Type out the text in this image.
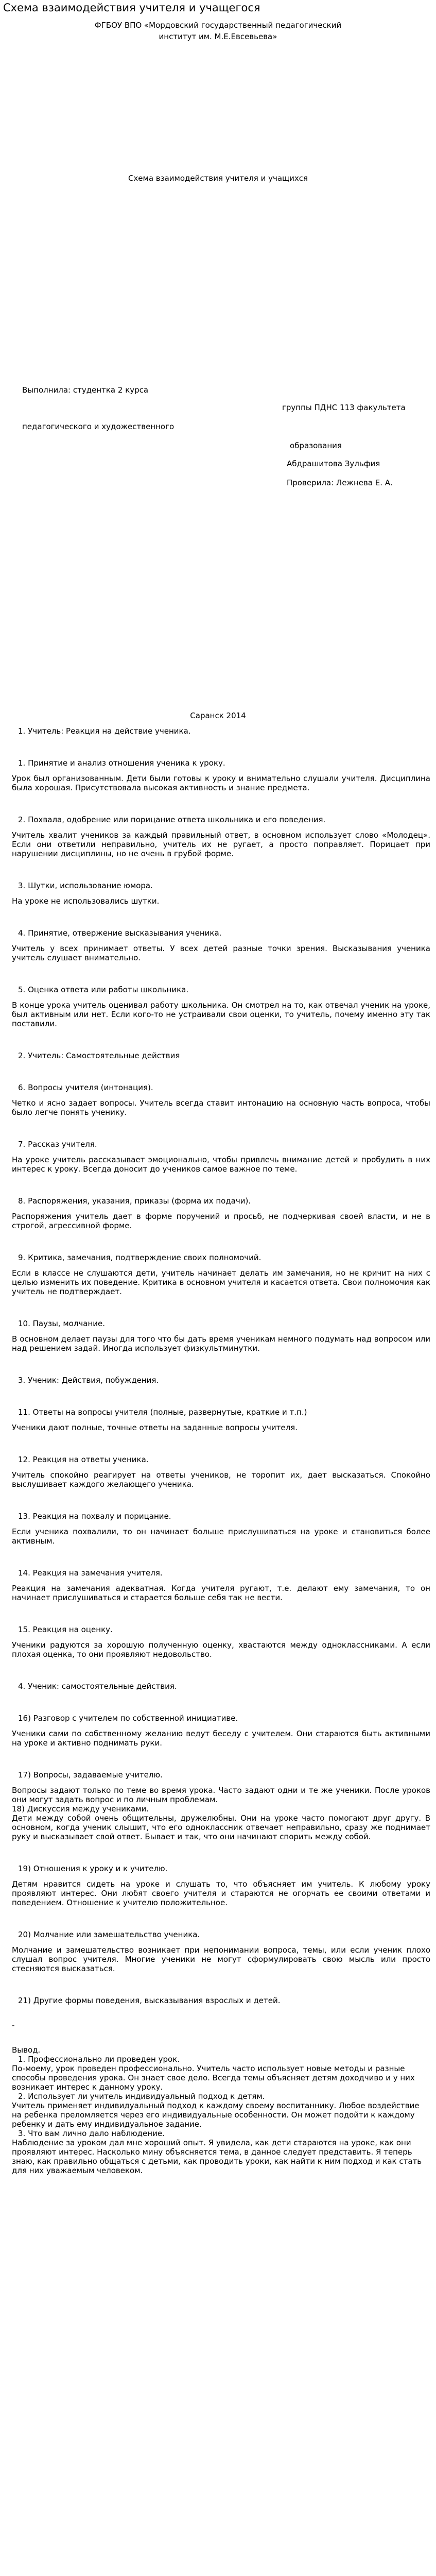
Схема взаимодействия учителя и учащегося
ФГБОУ ВПО «Мордовский государственный педагогический
институт им. М.Е.Евсевьева»
Схема взаимодействия учителя и учащихся
Выполнила: студентка 2 курса
группы ПДНС 113 факультета
педагогического и художественного
образования
Абдрашитова Зульфия
Проверила: Лежнева Е. А.
Саранск 2014

1. Учитель: Реакция на действие ученика.

1. Принятие и анализ отношения ученика к уроку.

Урок был организованным. Дети были готовы к уроку и внимательно слушали учителя. Дисциплина была хорошая. Присутствовала высокая активность и знание предмета.

2. Похвала, одобрение или порицание ответа школьника и его поведения.

Учитель хвалит учеников за каждый правильный ответ, в основном использует слово «Молодец». Если они ответили неправильно, учитель их не ругает, а просто поправляет. Порицает при нарушении дисциплины, но не очень в грубой форме.

3. Шутки, использование юмора.

На уроке не использовались шутки.

4. Принятие, отвержение высказывания ученика.

Учитель у всех принимает ответы. У всех детей разные точки зрения. Высказывания ученика учитель слушает внимательно.

5. Оценка ответа или работы школьника.

В конце урока учитель оценивал работу школьника. Он смотрел на то, как отвечал ученик на уроке, был активным или нет. Если кого-то не устраивали свои оценки, то учитель, почему именно эту так поставили.

2. Учитель: Самостоятельные действия

6. Вопросы учителя (интонация).

Четко и ясно задает вопросы. Учитель всегда ставит интонацию на основную часть вопроса, чтобы было легче понять ученику.

7. Рассказ учителя.

На уроке учитель рассказывает эмоционально, чтобы привлечь внимание детей и пробудить в них интерес к уроку. Всегда доносит до учеников самое важное по теме.

8. Распоряжения, указания, приказы (форма их подачи).

Распоряжения учитель дает в форме поручений и просьб, не подчеркивая своей власти, и не в строгой, агрессивной форме.

9. Критика, замечания, подтверждение своих полномочий.

Если в классе не слушаются дети, учитель начинает делать им замечания, но не кричит на них с целью изменить их поведение. Критика в основном учителя и касается ответа. Свои полномочия как учитель не подтверждает.

10. Паузы, молчание.

В основном делает паузы для того что бы дать время ученикам немного подумать над вопросом или над решением задай. Иногда использует физкультминутки.

3. Ученик: Действия, побуждения.

11. Ответы на вопросы учителя (полные, развернутые, краткие и т.п.)

Ученики дают полные, точные ответы на заданные вопросы учителя.

12. Реакция на ответы ученика.

Учитель спокойно реагирует на ответы учеников, не торопит их, дает высказаться. Спокойно выслушивает каждого желающего ученика.

13. Реакция на похвалу и порицание.

Если ученика похвалили, то он начинает больше прислушиваться на уроке и становиться более активным.

14. Реакция на замечания учителя.

Реакция на замечания адекватная. Когда учителя ругают, т.е. делают ему замечания, то он начинает прислушиваться и старается больше себя так не вести.

15. Реакция на оценку.

Ученики радуются за хорошую полученную оценку, хвастаются между одноклассниками. А если плохая оценка, то они проявляют недовольство.

4. Ученик: самостоятельные действия.

16) Разговор с учителем по собственной инициативе.

Ученики сами по собственному желанию ведут беседу с учителем. Они стараются быть активными на уроке и активно поднимать руки.

17) Вопросы, задаваемые учителю.

Вопросы задают только по теме во время урока. Часто задают одни и те же ученики. После уроков они могут задать вопрос и по личным проблемам.

18) Дискуссия между учениками.

Дети между собой очень общительны, дружелюбны. Они на уроке часто помогают друг другу. В основном, когда ученик слышит, что его одноклассник отвечает неправильно, сразу же поднимает руку и высказывает свой ответ. Бывает и так, что они начинают спорить между собой.

19) Отношения к уроку и к учителю.

Детям нравится сидеть на уроке и слушать то, что объясняет им учитель. К любому уроку проявляют интерес. Они любят своего учителя и стараются не огорчать ее своими ответами и поведением. Отношение к учителю положительное.

20) Молчание или замешательство ученика.

Молчание и замешательство возникает при непонимании вопроса, темы, или если ученик плохо слушал вопрос учителя. Многие ученики не могут сформулировать свою мысль или просто стесняются высказаться.

21) Другие формы поведения, высказывания взрослых и детей.

-

Вывод.

1. Профессионально ли проведен урок.

По-моему, урок проведен профессионально. Учитель часто использует новые методы и разные способы проведения урока. Он знает свое дело. Всегда темы объясняет детям доходчиво и у них возникает интерес к данному уроку.

2. Использует ли учитель индивидуальный подход к детям.

Учитель применяет индивидуальный подход к каждому своему воспитаннику. Любое воздействие на ребенка преломляется через его индивидуальные особенности. Он может подойти к каждому ребенку и дать ему индивидуальное задание.

3. Что вам лично дало наблюдение.

Наблюдение за уроком дал мне хороший опыт. Я увидела, как дети стараются на уроке, как они проявляют интерес. Насколько мину объясняется тема, в данное следует представить. Я теперь знаю, как правильно общаться с детьми, как проводить уроки, как найти к ним подход и как стать для них уважаемым человеком.
